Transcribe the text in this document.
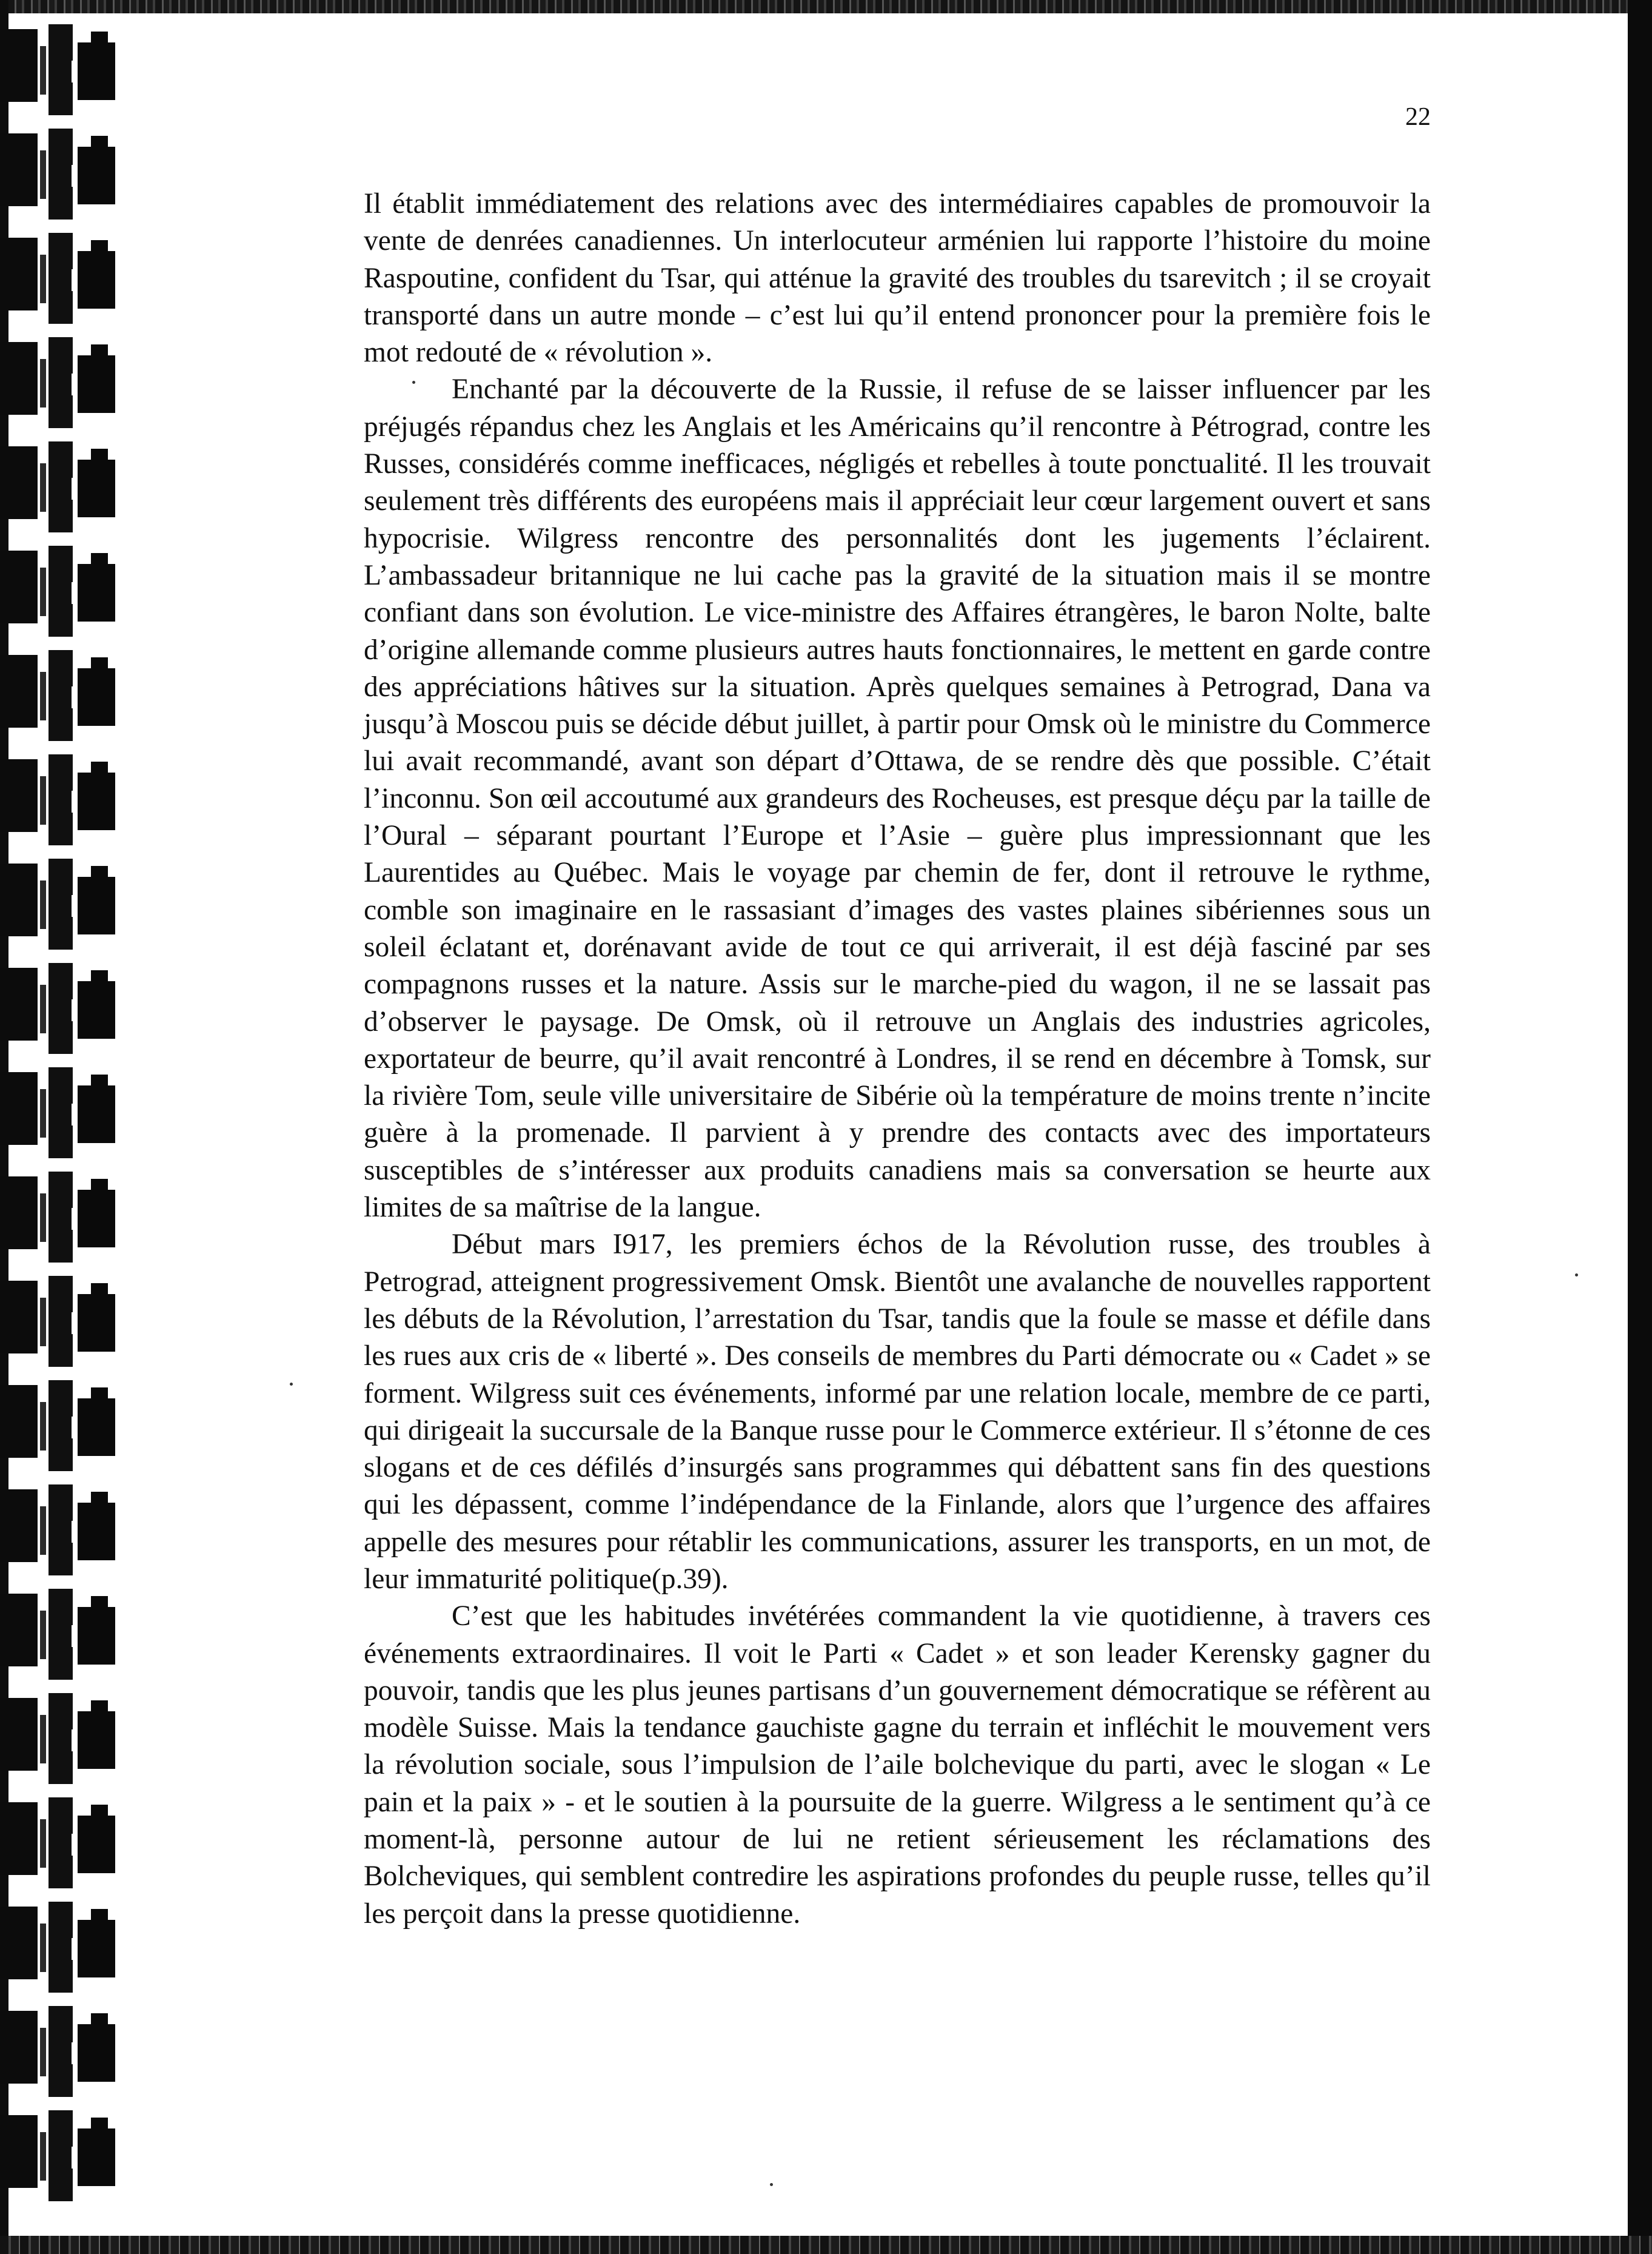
22

Il établit immédiatement des relations avec des intermédiaires capables de promouvoir la vente de denrées canadiennes. Un interlocuteur arménien lui rapporte l’histoire du moine Raspoutine, confident du Tsar, qui atténue la gravité des troubles du tsarevitch ; il se croyait transporté dans un autre monde – c’est lui qu’il entend prononcer pour la première fois le mot redouté de « révolution ».

Enchanté par la découverte de la Russie, il refuse de se laisser influencer par les préjugés répandus chez les Anglais et les Américains qu’il rencontre à Pétrograd, contre les Russes, considérés comme inefficaces, négligés et rebelles à toute ponctualité. Il les trouvait seulement très différents des européens mais il appréciait leur cœur largement ouvert et sans hypocrisie. Wilgress rencontre des personnalités dont les jugements l’éclairent. L’ambassadeur britannique ne lui cache pas la gravité de la situation mais il se montre confiant dans son évolution. Le vice-ministre des Affaires étrangères, le baron Nolte, balte d’origine allemande comme plusieurs autres hauts fonctionnaires, le mettent en garde contre des appréciations hâtives sur la situation. Après quelques semaines à Petrograd, Dana va jusqu’à Moscou puis se décide début juillet, à partir pour Omsk où le ministre du Commerce lui avait recommandé, avant son départ d’Ottawa, de se rendre dès que possible. C’était l’inconnu. Son œil accoutumé aux grandeurs des Rocheuses, est presque déçu par la taille de l’Oural – séparant pourtant l’Europe et l’Asie – guère plus impressionnant que les Laurentides au Québec. Mais le voyage par chemin de fer, dont il retrouve le rythme, comble son imaginaire en le rassasiant d’images des vastes plaines sibériennes sous un soleil éclatant et, dorénavant avide de tout ce qui arriverait, il est déjà fasciné par ses compagnons russes et la nature. Assis sur le marche-pied du wagon, il ne se lassait pas d’observer le paysage. De Omsk, où il retrouve un Anglais des industries agricoles, exportateur de beurre, qu’il avait rencontré à Londres, il se rend en décembre à Tomsk, sur la rivière Tom, seule ville universitaire de Sibérie où la température de moins trente n’incite guère à la promenade. Il parvient à y prendre des contacts avec des importateurs susceptibles de s’intéresser aux produits canadiens mais sa conversation se heurte aux limites de sa maîtrise de la langue.

Début mars I917, les premiers échos de la Révolution russe, des troubles à Petrograd, atteignent progressivement Omsk. Bientôt une avalanche de nouvelles rapportent les débuts de la Révolution, l’arrestation du Tsar, tandis que la foule se masse et défile dans les rues aux cris de « liberté ». Des conseils de membres du Parti démocrate ou « Cadet » se forment. Wilgress suit ces événements, informé par une relation locale, membre de ce parti, qui dirigeait la succursale de la Banque russe pour le Commerce extérieur. Il s’étonne de ces slogans et de ces défilés d’insurgés sans programmes qui débattent sans fin des questions qui les dépassent, comme l’indépendance de la Finlande, alors que l’urgence des affaires appelle des mesures pour rétablir les communications, assurer les transports, en un mot, de leur immaturité politique(p.39).

C’est que les habitudes invétérées commandent la vie quotidienne, à travers ces événements extraordinaires. Il voit le Parti « Cadet » et son leader Kerensky gagner du pouvoir, tandis que les plus jeunes partisans d’un gouvernement démocratique se réfèrent au modèle Suisse. Mais la tendance gauchiste gagne du terrain et infléchit le mouvement vers la révolution sociale, sous l’impulsion de l’aile bolchevique du parti, avec le slogan « Le pain et la paix » - et le soutien à la poursuite de la guerre. Wilgress a le sentiment qu’à ce moment-là, personne autour de lui ne retient sérieusement les réclamations des Bolcheviques, qui semblent contredire les aspirations profondes du peuple russe, telles qu’il les perçoit dans la presse quotidienne.
